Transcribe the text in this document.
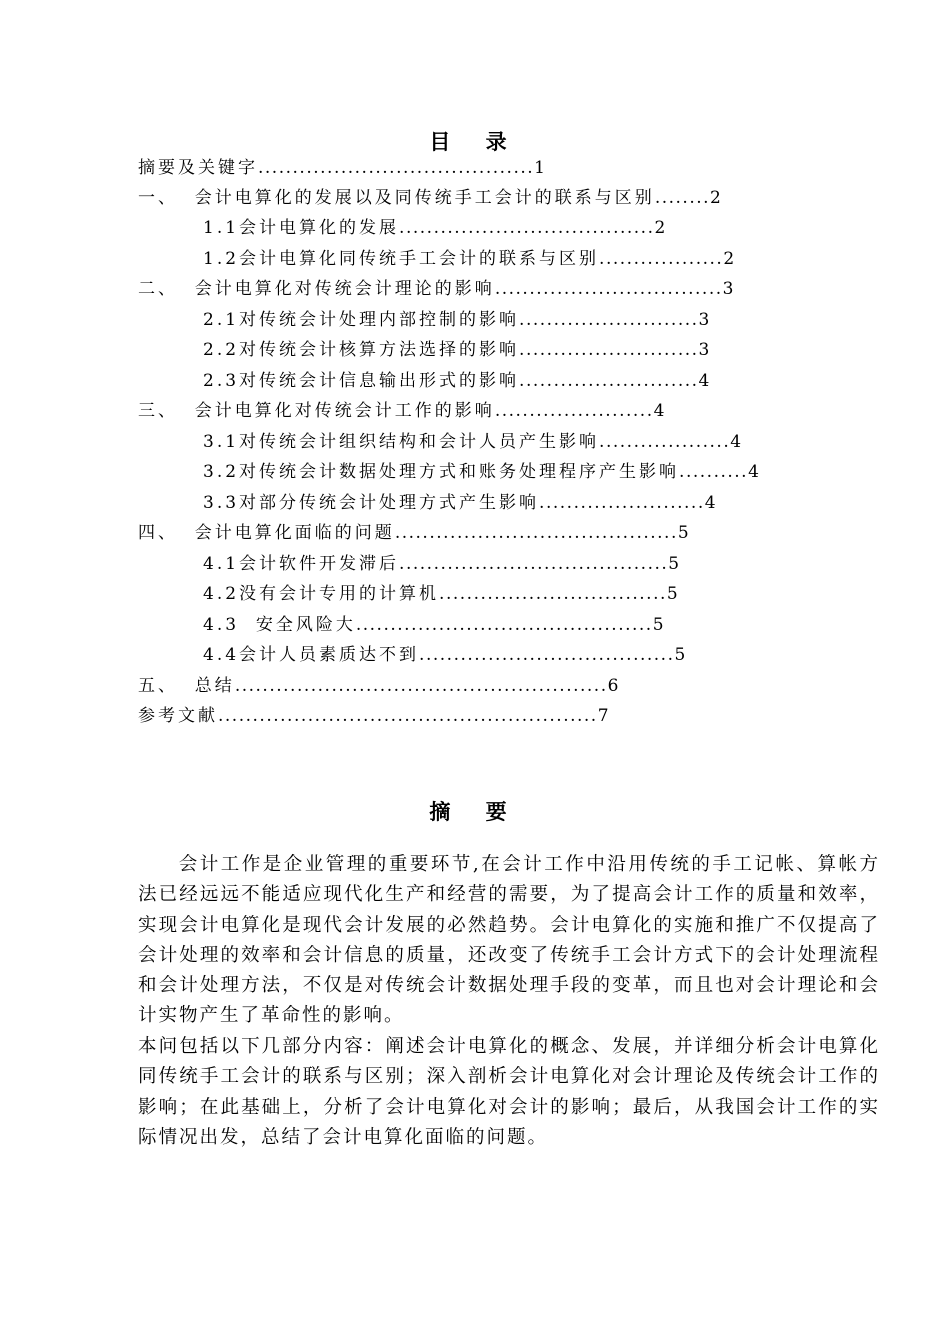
目 录
摘要及关键字........................................1
一、  会计电算化的发展以及同传统手工会计的联系与区别........2
1.1会计电算化的发展.....................................2
1.2会计电算化同传统手工会计的联系与区别..................2
二、  会计电算化对传统会计理论的影响.................................3
2.1对传统会计处理内部控制的影响..........................3
2.2对传统会计核算方法选择的影响..........................3
2.3对传统会计信息输出形式的影响..........................4
三、  会计电算化对传统会计工作的影响.......................4
3.1对传统会计组织结构和会计人员产生影响...................4
3.2对传统会计数据处理方式和账务处理程序产生影响..........4
3.3对部分传统会计处理方式产生影响........................4
四、  会计电算化面临的问题.........................................5
4.1会计软件开发滞后.......................................5
4.2没有会计专用的计算机.................................5
4.3  安全风险大...........................................5
4.4会计人员素质达不到.....................................5
五、  总结......................................................6
参考文献.......................................................7
摘 要
会计工作是企业管理的重要环节,在会计工作中沿用传统的手工记帐、算帐方法已经远远不能适应现代化生产和经营的需要，为了提高会计工作的质量和效率，实现会计电算化是现代会计发展的必然趋势。会计电算化的实施和推广不仅提高了会计处理的效率和会计信息的质量，还改变了传统手工会计方式下的会计处理流程和会计处理方法，不仅是对传统会计数据处理手段的变革，而且也对会计理论和会计实物产生了革命性的影响。
本问包括以下几部分内容：阐述会计电算化的概念、发展，并详细分析会计电算化同传统手工会计的联系与区别；深入剖析会计电算化对会计理论及传统会计工作的影响；在此基础上，分析了会计电算化对会计的影响；最后，从我国会计工作的实际情况出发，总结了会计电算化面临的问题。
